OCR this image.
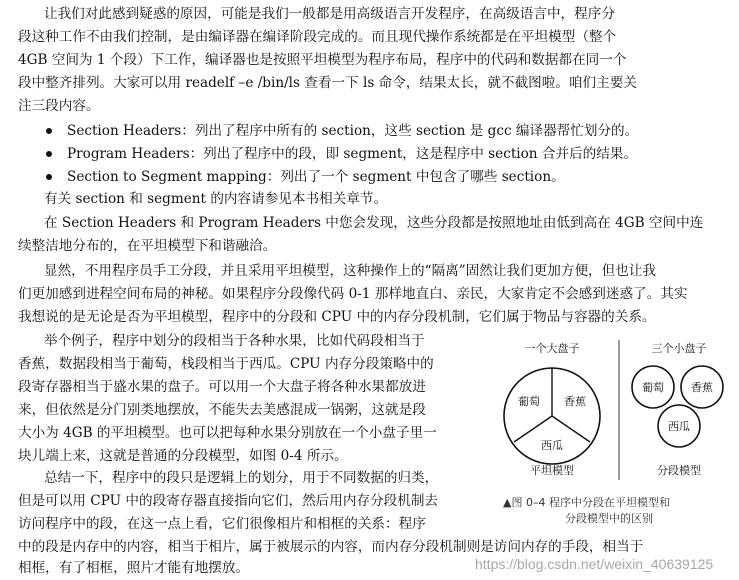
让我们对此感到疑惑的原因，可能是我们一般都是用高级语言开发程序，在高级语言中，程序分
段这种工作不由我们控制，是由编译器在编译阶段完成的。而且现代操作系统都是在平坦模型（整个
4GB 空间为 1 个段）下工作，编译器也是按照平坦模型为程序布局，程序中的代码和数据都在同一个
段中整齐排列。大家可以用 readelf –e /bin/ls 查看一下 ls 命令，结果太长，就不截图啦。咱们主要关
注三段内容。
Section Headers：列出了程序中所有的 section，这些 section 是 gcc 编译器帮忙划分的。
Program Headers：列出了程序中的段，即 segment，这是程序中 section 合并后的结果。
Section to Segment mapping：列出了一个 segment 中包含了哪些 section。
有关 section 和 segment 的内容请参见本书相关章节。
在 Section Headers 和 Program Headers 中您会发现，这些分段都是按照地址由低到高在 4GB 空间中连
续整洁地分布的，在平坦模型下和谐融洽。
显然，不用程序员手工分段，并且采用平坦模型，这种操作上的“隔离”固然让我们更加方便，但也让我
们更加感到进程空间布局的神秘。如果程序分段像代码 0-1 那样地直白、亲民，大家肯定不会感到迷惑了。其实
我想说的是无论是否为平坦模型，程序中的分段和 CPU 中的内存分段机制，它们属于物品与容器的关系。
举个例子，程序中划分的段相当于各种水果，比如代码段相当于
香蕉，数据段相当于葡萄，栈段相当于西瓜。CPU 内存分段策略中的
段寄存器相当于盛水果的盘子。可以用一个大盘子将各种水果都放进
来，但依然是分门别类地摆放，不能失去美感混成一锅粥，这就是段
大小为 4GB 的平坦模型。也可以把每种水果分别放在一个小盘子里一
块儿端上来，这就是普通的分段模型，如图 0-4 所示。
总结一下，程序中的段只是逻辑上的划分，用于不同数据的归类，
但是可以用 CPU 中的段寄存器直接指向它们，然后用内存分段机制去
访问程序中的段，在这一点上看，它们很像相片和相框的关系：程序
中的段是内存中的内容，相当于相片，属于被展示的内容，而内存分段机制则是访问内存的手段，相当于
相框，有了相框，照片才能有地摆放。
一个大盘子	三个小盘子
葡萄 香蕉
西瓜
葡萄 香蕉
西瓜
平坦模型	分段模型
▲图 0–4 程序中分段在平坦模型和
分段模型中的区别
https://blog.csdn.net/weixin_40639125
